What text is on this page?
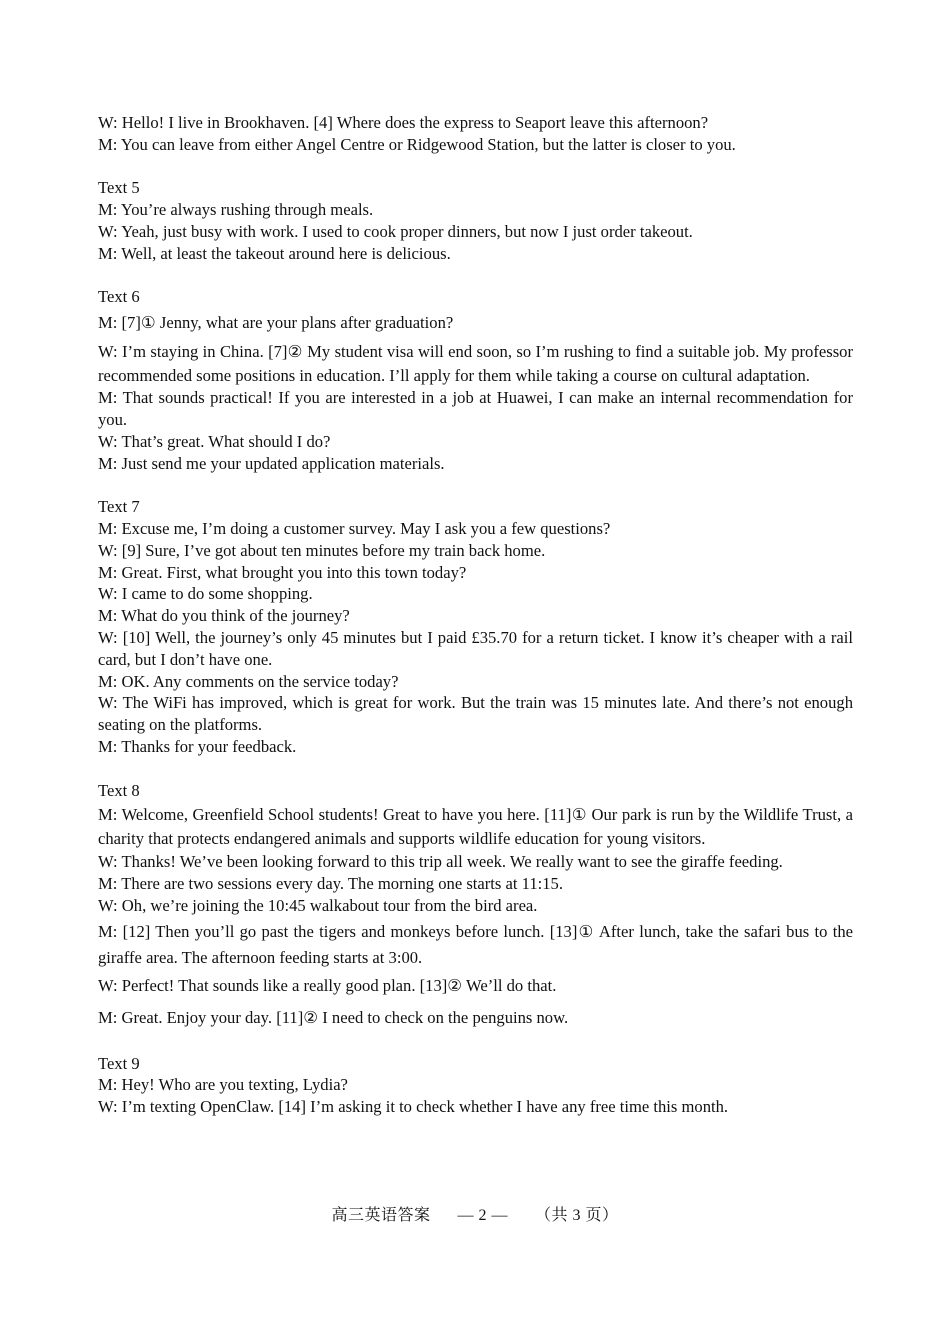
W: Hello! I live in Brookhaven. [4] Where does the express to Seaport leave this afternoon?

M: You can leave from either Angel Centre or Ridgewood Station, but the latter is closer to you.

Text 5

M: You’re always rushing through meals.

W: Yeah, just busy with work. I used to cook proper dinners, but now I just order takeout.

M: Well, at least the takeout around here is delicious.

Text 6

M: [7]① Jenny, what are your plans after graduation?

W: I’m staying in China. [7]② My student visa will end soon, so I’m rushing to find a suitable job. My professor recommended some positions in education. I’ll apply for them while taking a course on cultural adaptation.

M: That sounds practical! If you are interested in a job at Huawei, I can make an internal recommendation for you.

W: That’s great. What should I do?

M: Just send me your updated application materials.

Text 7

M: Excuse me, I’m doing a customer survey. May I ask you a few questions?

W: [9] Sure, I’ve got about ten minutes before my train back home.

M: Great. First, what brought you into this town today?

W: I came to do some shopping.

M: What do you think of the journey?

W: [10] Well, the journey’s only 45 minutes but I paid £35.70 for a return ticket. I know it’s cheaper with a rail card, but I don’t have one.

M: OK. Any comments on the service today?

W: The WiFi has improved, which is great for work. But the train was 15 minutes late. And there’s not enough seating on the platforms.

M: Thanks for your feedback.

Text 8

M: Welcome, Greenfield School students! Great to have you here. [11]① Our park is run by the Wildlife Trust, a charity that protects endangered animals and supports wildlife education for young visitors.

W: Thanks! We’ve been looking forward to this trip all week. We really want to see the giraffe feeding.

M: There are two sessions every day. The morning one starts at 11:15.

W: Oh, we’re joining the 10:45 walkabout tour from the bird area.

M: [12] Then you’ll go past the tigers and monkeys before lunch. [13]① After lunch, take the safari bus to the giraffe area. The afternoon feeding starts at 3:00.

W: Perfect! That sounds like a really good plan. [13]② We’ll do that.

M: Great. Enjoy your day. [11]② I need to check on the penguins now.

Text 9

M: Hey! Who are you texting, Lydia?

W: I’m texting OpenClaw. [14] I’m asking it to check whether I have any free time this month.

高三英语答案 — 2 — （共 3 页）
